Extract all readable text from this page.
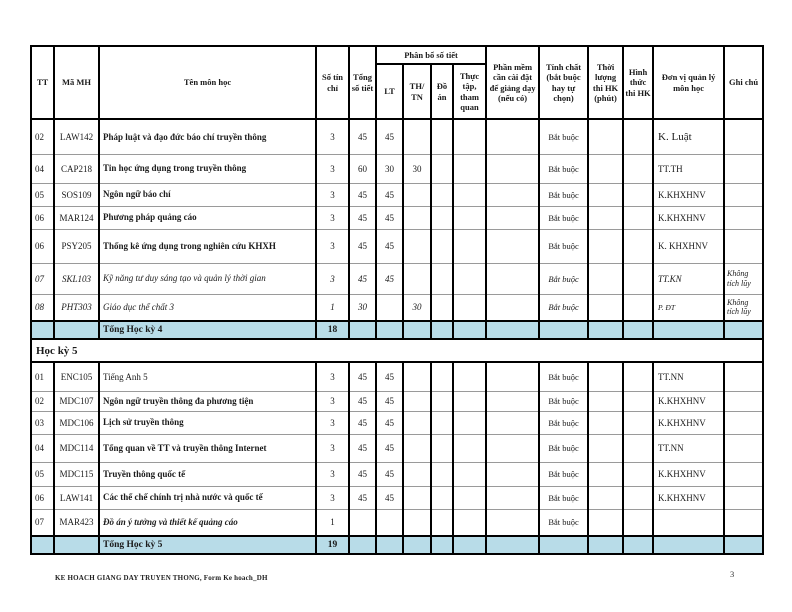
TT	Mã MH	Tên môn học	Số tín chỉ	Tổng số tiết	Phân bổ số tiết				Phần mềm cần cài đặt để giảng dạy (nếu có)	Tính chất (bắt buộc hay tự chọn)	Thời lượng thi HK (phút)	Hình thức thi HK	Đơn vị quản lý môn học	Ghi chú
					LT	TH/ TN	Đồ án	Thực tập, tham quan						
02	LAW142	Pháp luật và đạo đức báo chí truyền thông	3	45	45					Bắt buộc			K. Luật	
04	CAP218	Tin học ứng dụng trong truyền thông	3	60	30	30				Bắt buộc			TT.TH	
05	SOS109	Ngôn ngữ báo chí	3	45	45					Bắt buộc			K.KHXHNV	
06	MAR124	Phương pháp quảng cáo	3	45	45					Bắt buộc			K.KHXHNV	
06	PSY205	Thống kê ứng dụng trong nghiên cứu KHXH	3	45	45					Bắt buộc			K. KHXHNV	
07	SKL103	Kỹ năng tư duy sáng tạo và quản lý thời gian	3	45	45					Bắt buộc			TT.KN	Không tích lũy
08	PHT303	Giáo dục thể chất 3	1	30		30				Bắt buộc			P. ĐT	Không tích lũy
		Tổng Học kỳ 4	18											
Học kỳ 5														
01	ENC105	Tiếng Anh 5	3	45	45					Bắt buộc			TT.NN	
02	MDC107	Ngôn ngữ truyền thông đa phương tiện	3	45	45					Bắt buộc			K.KHXHNV	
03	MDC106	Lịch sử truyền thông	3	45	45					Bắt buộc			K.KHXHNV	
04	MDC114	Tổng quan về TT và truyền thông Internet	3	45	45					Bắt buộc			TT.NN	
05	MDC115	Truyền thông quốc tế	3	45	45					Bắt buộc			K.KHXHNV	
06	LAW141	Các thể chế chính trị nhà nước và quốc tế	3	45	45					Bắt buộc			K.KHXHNV	
07	MAR423	Đồ án ý tưởng và thiết kế quảng cáo	1							Bắt buộc				
		Tổng Học kỳ 5	19											
KE HOACH GIANG DAY TRUYEN THONG, Form Ke hoach_DH	3
